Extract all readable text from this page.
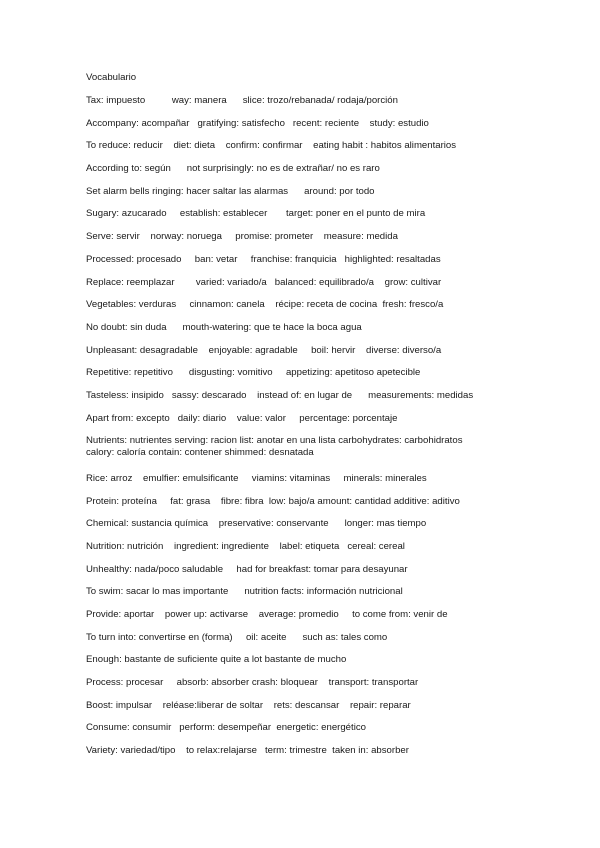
Vocabulario
Tax: impuesto          way: manera      slice: trozo/rebanada/ rodaja/porción
Accompany: acompañar   gratifying: satisfecho   recent: reciente    study: estudio
To reduce: reducir    diet: dieta    confirm: confirmar    eating habit : habitos alimentarios
According to: según      not surprisingly: no es de extrañar/ no es raro
Set alarm bells ringing: hacer saltar las alarmas      around: por todo
Sugary: azucarado     establish: establecer       target: poner en el punto de mira
Serve: servir    norway: noruega     promise: prometer    measure: medida
Processed: procesado     ban: vetar     franchise: franquicia   highlighted: resaltadas
Replace: reemplazar        varied: variado/a   balanced: equilibrado/a    grow: cultivar
Vegetables: verduras     cinnamon: canela    récipe: receta de cocina  fresh: fresco/a
No doubt: sin duda      mouth-watering: que te hace la boca agua
Unpleasant: desagradable    enjoyable: agradable     boil: hervir    diverse: diverso/a
Repetitive: repetitivo      disgusting: vomitivo     appetizing: apetitoso apetecible
Tasteless: insipido   sassy: descarado    instead of: en lugar de      measurements: medidas
Apart from: excepto   daily: diario    value: valor     percentage: porcentaje
Nutrients: nutrientes serving: racion list: anotar en una lista carbohydrates: carbohidratos
calory: caloría contain: contener shimmed: desnatada
Rice: arroz    emulfier: emulsificante     viamins: vitaminas     minerals: minerales
Protein: proteína     fat: grasa    fibre: fibra  low: bajo/a amount: cantidad additive: aditivo
Chemical: sustancia química    preservative: conservante      longer: mas tiempo
Nutrition: nutrición    ingredient: ingrediente    label: etiqueta   cereal: cereal
Unhealthy: nada/poco saludable     had for breakfast: tomar para desayunar
To swim: sacar lo mas importante      nutrition facts: información nutricional
Provide: aportar    power up: activarse    average: promedio     to come from: venir de
To turn into: convertirse en (forma)     oil: aceite      such as: tales como
Enough: bastante de suficiente quite a lot bastante de mucho
Process: procesar     absorb: absorber crash: bloquear    transport: transportar
Boost: impulsar    reléase:liberar de soltar    rets: descansar    repair: reparar
Consume: consumir   perform: desempeñar  energetic: energético
Variety: variedad/tipo    to relax:relajarse   term: trimestre  taken in: absorber
